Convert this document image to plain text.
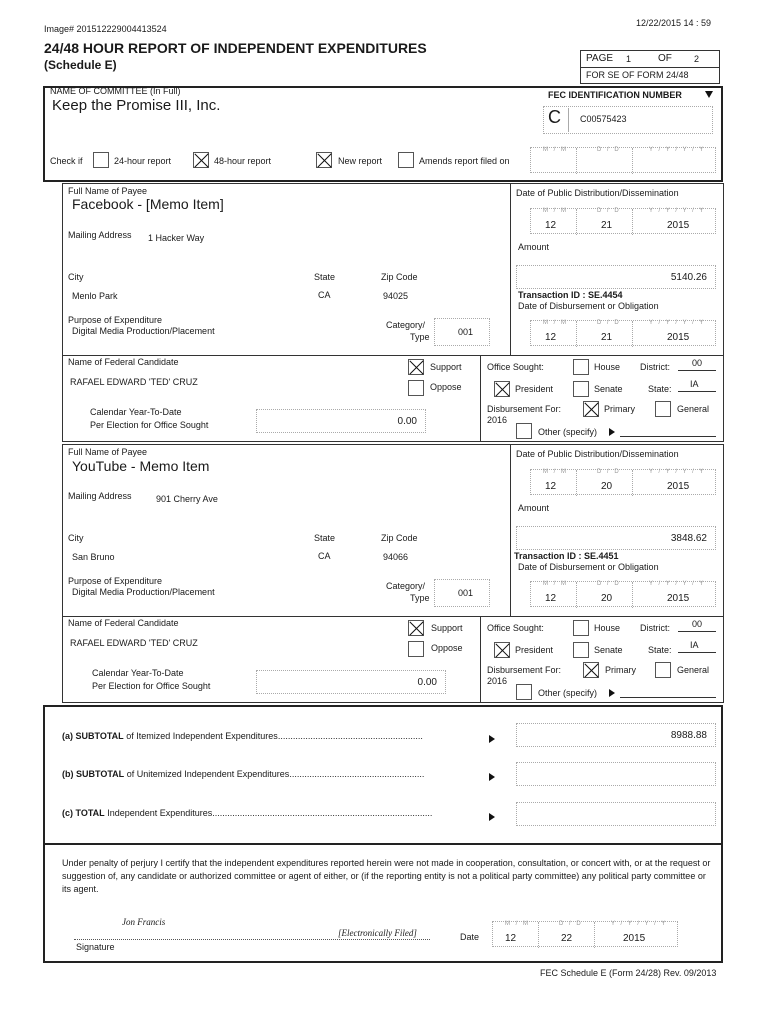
12/22/2015 14 : 59
Image# 201512229004413524
24/48 HOUR REPORT OF INDEPENDENT EXPENDITURES
(Schedule E)	PAGE 1	OF 2
FOR SE OF FORM 24/48
NAME OF COMMITTEE (In Full)
Keep the Promise III, Inc.
FEC IDENTIFICATION NUMBER
C C00575423
Check if	24-hour report	48-hour report	New report	Amends report filed on
M / M	D / D	Y / Y / Y / Y
Full Name of Payee
Facebook - [Memo Item]
Mailing Address 1 Hacker Way
City	State	Zip Code
Menlo Park	CA	94025
Purpose of Expenditure
Digital Media Production/Placement
Category/
Type	001
Date of Public Distribution/Dissemination
M / M	D / D	Y / Y / Y / Y
12	21	2015
Amount
5140.26
Transaction ID : SE.4454
Date of Disbursement or Obligation
M / M	D / D	Y / Y / Y / Y
12	21	2015
Name of Federal Candidate
RAFAEL EDWARD 'TED' CRUZ
Support
Oppose
Office Sought:	House District: 00
President	Senate	State: IA
Calendar Year-To-Date
Per Election for Office Sought	0.00
Disbursement For:
2016
Primary	General
Other (specify)
Full Name of Payee
YouTube - Memo Item
Mailing Address	901 Cherry Ave
City	State	Zip Code
San Bruno	CA	94066
Purpose of Expenditure
Digital Media Production/Placement
Category/
Type	001
Date of Public Distribution/Dissemination
M / M	D / D	Y / Y / Y / Y
12	20	2015
Amount
3848.62
Transaction ID : SE.4451
Date of Disbursement or Obligation
M / M	D / D	Y / Y / Y / Y
12	20	2015
Name of Federal Candidate
RAFAEL EDWARD 'TED' CRUZ
Support
Oppose
Office Sought:	House District: 00
President	Senate	State: IA
Calendar Year-To-Date
Per Election for Office Sought	0.00
Disbursement For:
2016
Primary	General
Other (specify)
(a) SUBTOTAL of Itemized Independent Expenditures..........................................................	8988.88
(b) SUBTOTAL of Unitemized Independent Expenditures......................................................
(c) TOTAL Independent Expenditures........................................................................................
Under penalty of perjury I certify that the independent expenditures reported herein were not made in cooperation, consultation, or concert with, or at the request or suggestion of, any candidate or authorized committee or agent of either, or (if the reporting entity is not a political party committee) any political party committee or its agent.
Jon Francis
[Electronically Filed]
Signature
Date
M / M	D / D	Y / Y / Y / Y
12	22	2015
FEC Schedule E (Form 24/28) Rev. 09/2013
